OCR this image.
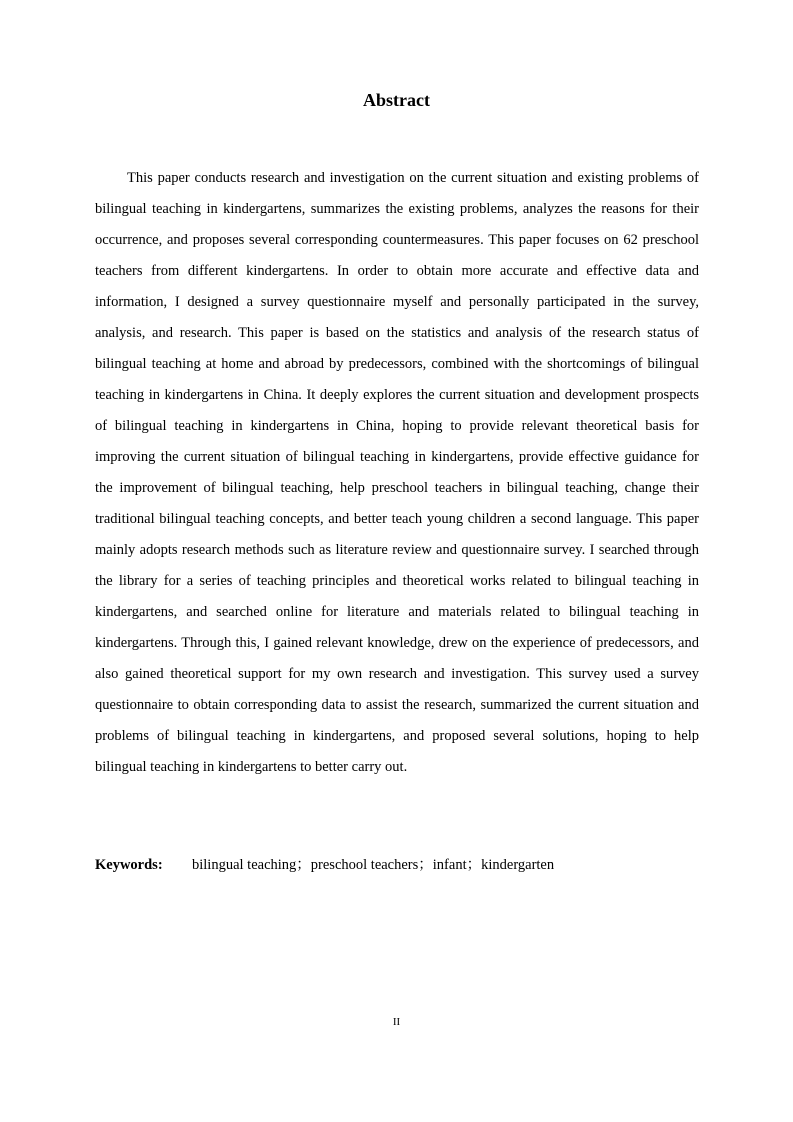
Abstract

This paper conducts research and investigation on the current situation and existing problems of bilingual teaching in kindergartens, summarizes the existing problems, analyzes the reasons for their occurrence, and proposes several corresponding countermeasures. This paper focuses on 62 preschool teachers from different kindergartens. In order to obtain more accurate and effective data and information, I designed a survey questionnaire myself and personally participated in the survey, analysis, and research. This paper is based on the statistics and analysis of the research status of bilingual teaching at home and abroad by predecessors, combined with the shortcomings of bilingual teaching in kindergartens in China. It deeply explores the current situation and development prospects of bilingual teaching in kindergartens in China, hoping to provide relevant theoretical basis for improving the current situation of bilingual teaching in kindergartens, provide effective guidance for the improvement of bilingual teaching, help preschool teachers in bilingual teaching, change their traditional bilingual teaching concepts, and better teach young children a second language. This paper mainly adopts research methods such as literature review and questionnaire survey. I searched through the library for a series of teaching principles and theoretical works related to bilingual teaching in kindergartens, and searched online for literature and materials related to bilingual teaching in kindergartens. Through this, I gained relevant knowledge, drew on the experience of predecessors, and also gained theoretical support for my own research and investigation. This survey used a survey questionnaire to obtain corresponding data to assist the research, summarized the current situation and problems of bilingual teaching in kindergartens, and proposed several solutions, hoping to help bilingual teaching in kindergartens to better carry out.

Keywords: bilingual teaching；preschool teachers；infant；kindergarten

II
